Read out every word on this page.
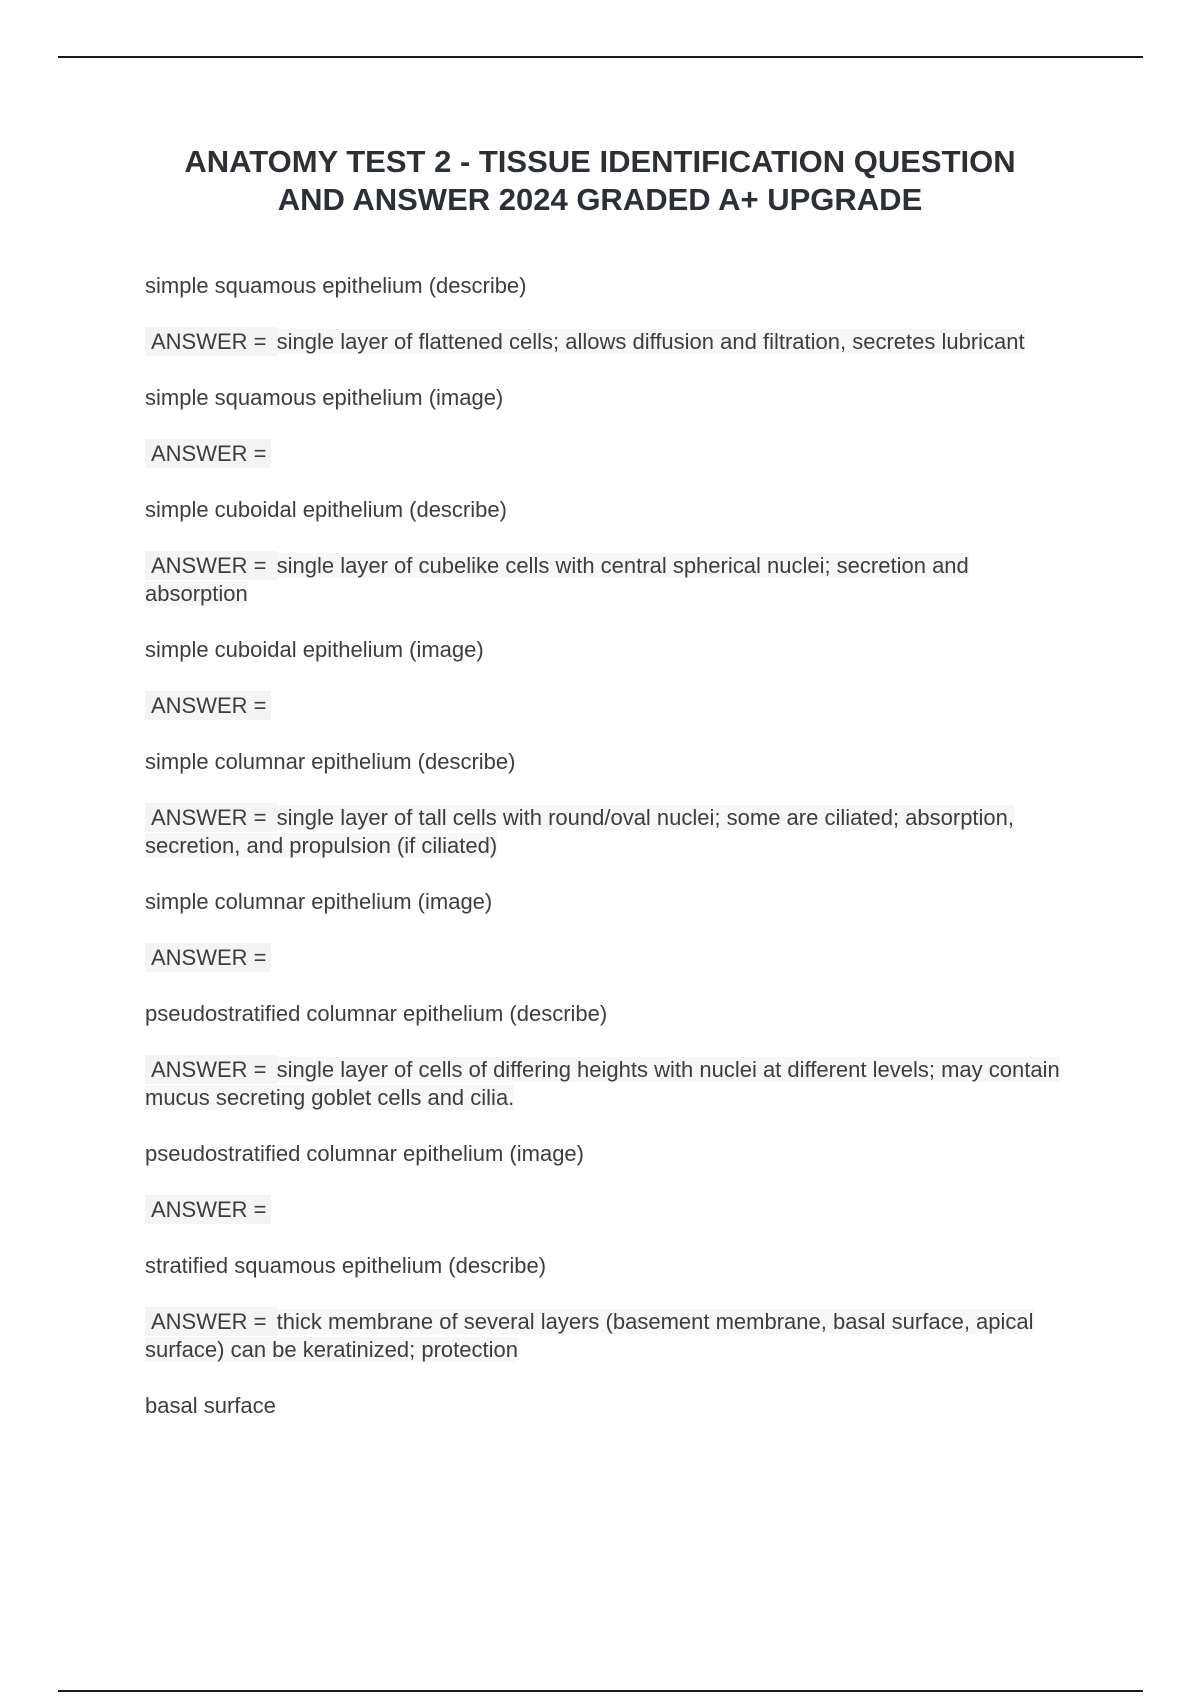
ANATOMY TEST 2 - TISSUE IDENTIFICATION QUESTION
AND ANSWER 2024 GRADED A+ UPGRADE

simple squamous epithelium (describe)

ANSWER = single layer of flattened cells; allows diffusion and filtration, secretes lubricant

simple squamous epithelium (image)

ANSWER =

simple cuboidal epithelium (describe)

ANSWER = single layer of cubelike cells with central spherical nuclei; secretion and absorption

simple cuboidal epithelium (image)

ANSWER =

simple columnar epithelium (describe)

ANSWER = single layer of tall cells with round/oval nuclei; some are ciliated; absorption, secretion, and propulsion (if ciliated)

simple columnar epithelium (image)

ANSWER =

pseudostratified columnar epithelium (describe)

ANSWER = single layer of cells of differing heights with nuclei at different levels; may contain mucus secreting goblet cells and cilia.

pseudostratified columnar epithelium (image)

ANSWER =

stratified squamous epithelium (describe)

ANSWER = thick membrane of several layers (basement membrane, basal surface, apical surface) can be keratinized; protection

basal surface
